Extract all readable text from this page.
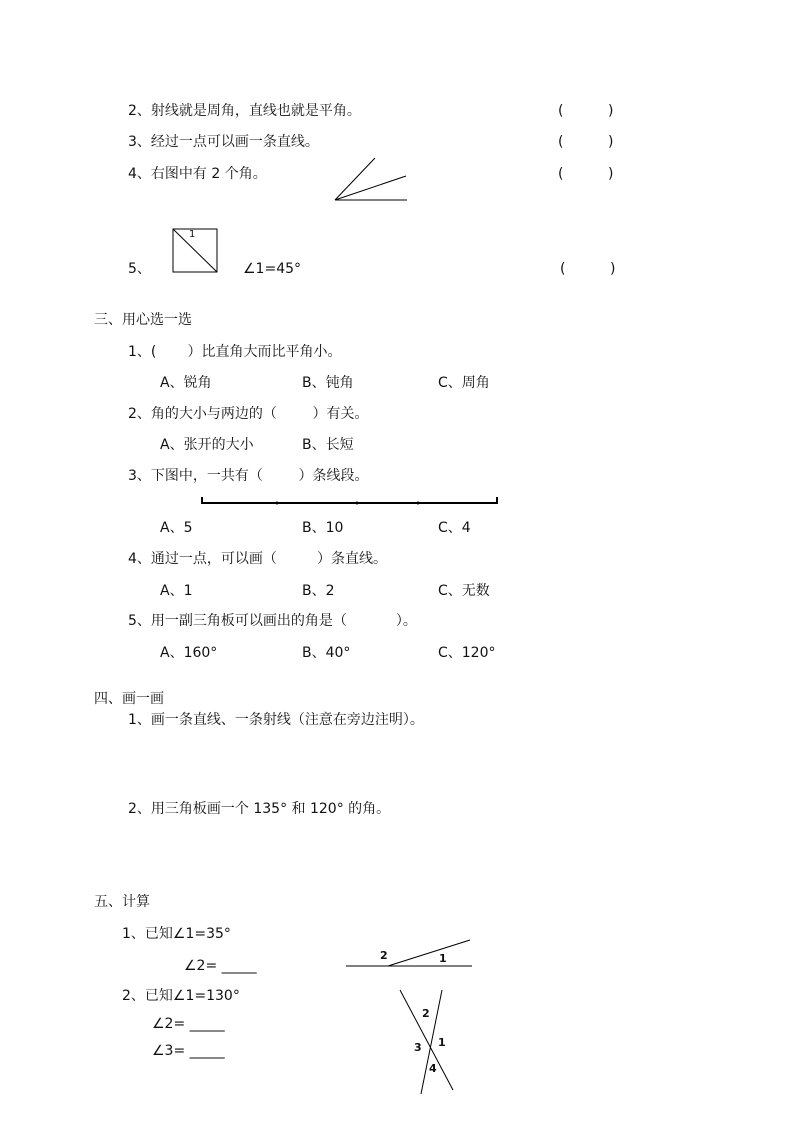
2、射线就是周角，直线也就是平角。	(          )
3、经过一点可以画一条直线。	(          )
4、右图中有 2 个角。	(          )
5、
1
∠1=45°	(          )
三、用心选一选
1、(       ）比直角大而比平角小。
A、锐角	B、钝角	C、周角
2、角的大小与两边的（        ）有关。
A、张开的大小	B、长短
3、下图中，一共有（        ）条线段。
A、5	B、10	C、4
4、通过一点，可以画（         ）条直线。
A、1	B、2	C、无数
5、用一副三角板可以画出的角是（           ）。
A、160°	B、40°	C、120°
四、画一画
1、画一条直线、一条射线（注意在旁边注明）。
2、用三角板画一个 135° 和 120° 的角。
五、计算
1、已知∠1=35°
∠2= _____
2	1
2、已知∠1=130°
∠2= _____
∠3= _____
2
3 1
4
